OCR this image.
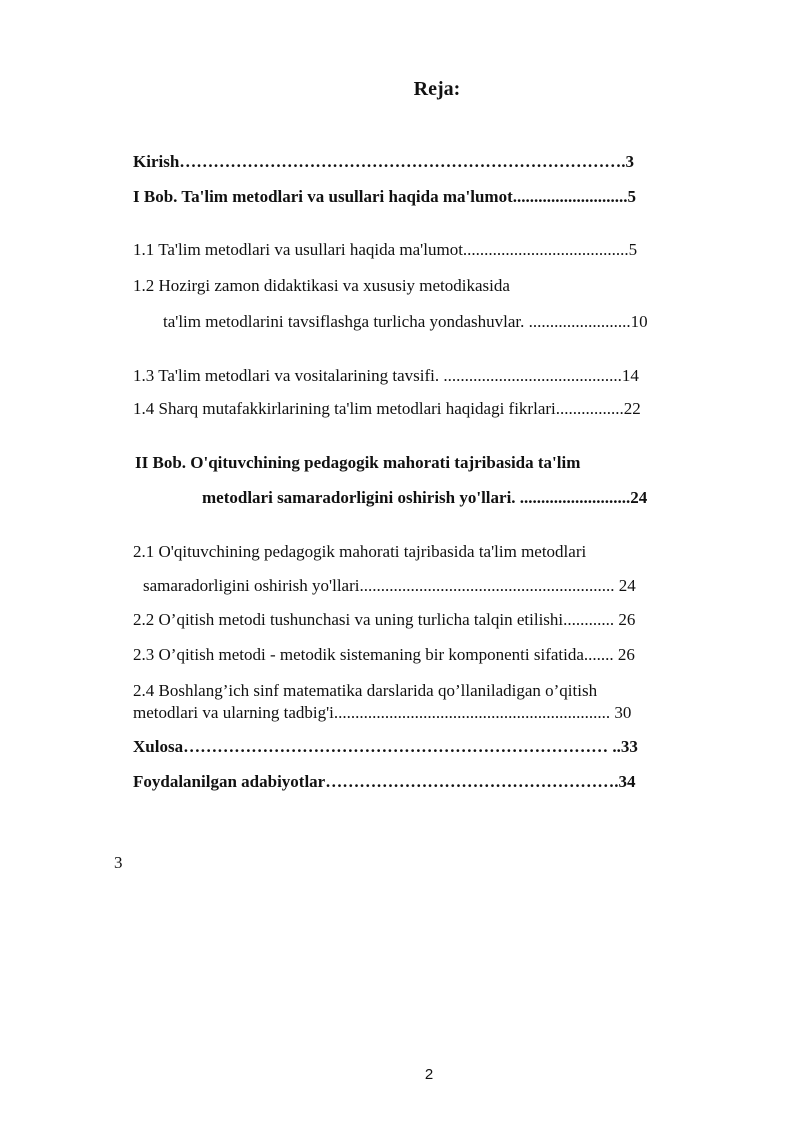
Reja:
Kirish…………………………………………………………………….3
I Bob. Ta'lim metodlari va usullari haqida ma'lumot...........................5
1.1 Ta'lim metodlari va usullari haqida ma'lumot.......................................5
1.2 Hozirgi zamon didaktikasi va xususiy metodikasida
ta'lim metodlarini tavsiflashga turlicha yondashuvlar. ........................10
1.3 Ta'lim metodlari va vositalarining tavsifi. ..........................................14
1.4 Sharq mutafakkirlarining ta'lim metodlari haqidagi fikrlari................22
II Bob. O'qituvchining pedagogik mahorati tajribasida ta'lim
metodlari samaradorligini oshirish yo'llari. ..........................24
2.1 O'qituvchining pedagogik mahorati tajribasida ta'lim metodlari
samaradorligini oshirish yo'llari............................................................ 24
2.2 O’qitish metodi tushunchasi va uning turlicha talqin etilishi............ 26
2.3 O’qitish metodi - metodik sistemaning bir komponenti sifatida....... 26
2.4 Boshlang’ich sinf matematika darslarida qo’llaniladigan o’qitish
metodlari va ularning tadbig'i................................................................. 30
Xulosa………………………………………………………………… ..33
Foydalanilgan adabiyotlar…………………………………………….34
3
2
